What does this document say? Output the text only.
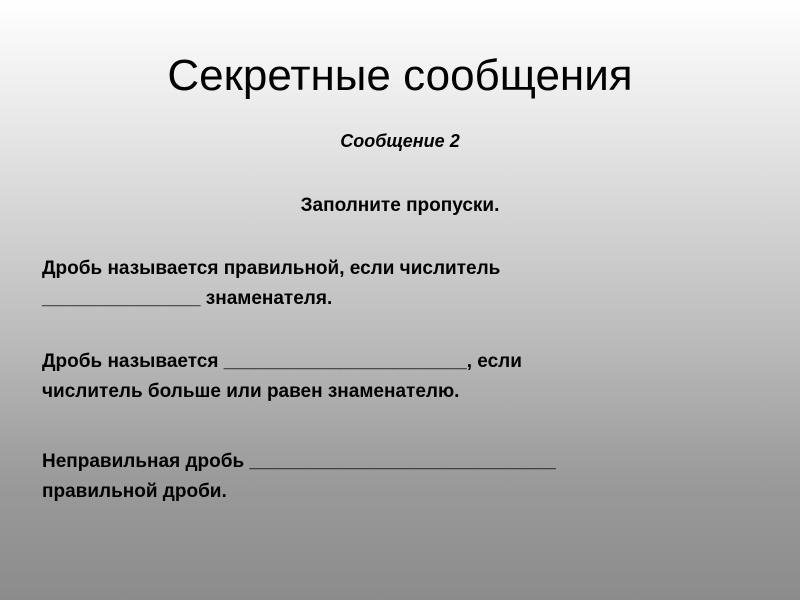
Секретные сообщения
Сообщение 2
Заполните пропуски.
Дробь называется правильной, если числитель
_______________ знаменателя.
Дробь называется _______________________, если
числитель больше или равен знаменателю.
Неправильная дробь _____________________________
правильной дроби.
